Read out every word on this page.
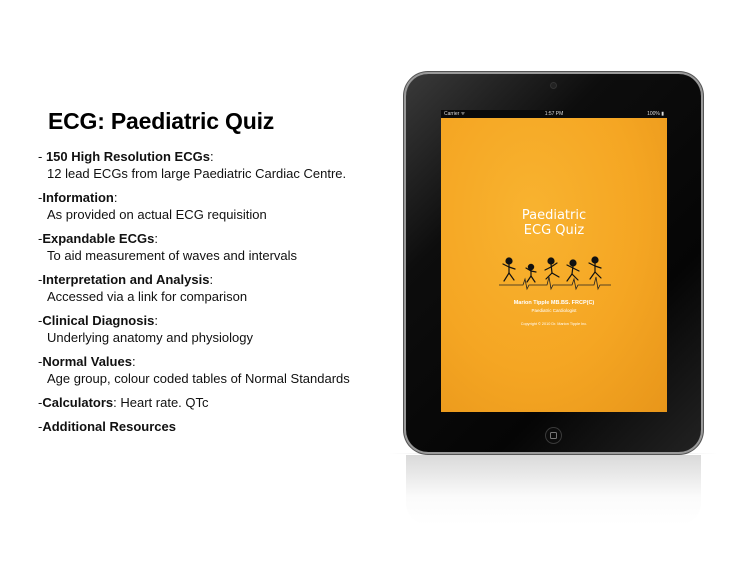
ECG: Paediatric Quiz
- 150 High Resolution ECGs:
12 lead ECGs from large Paediatric Cardiac Centre.
-Information:
As provided on actual ECG requisition
-Expandable ECGs:
To aid measurement of waves and intervals
-Interpretation and Analysis:
Accessed via a link for comparison
-Clinical Diagnosis:
Underlying anatomy and physiology
-Normal Values:
Age group, colour coded tables of Normal Standards
-Calculators: Heart rate. QTc
-Additional Resources
Carrier ᯤ	1:57 PM	100% ▮
Paediatric
ECG Quiz
Marion Tipple MB.BS. FRCP(C)
Paediatric Cardiologist
Copyright © 2010 Dr. Marion Tipple Inc.
